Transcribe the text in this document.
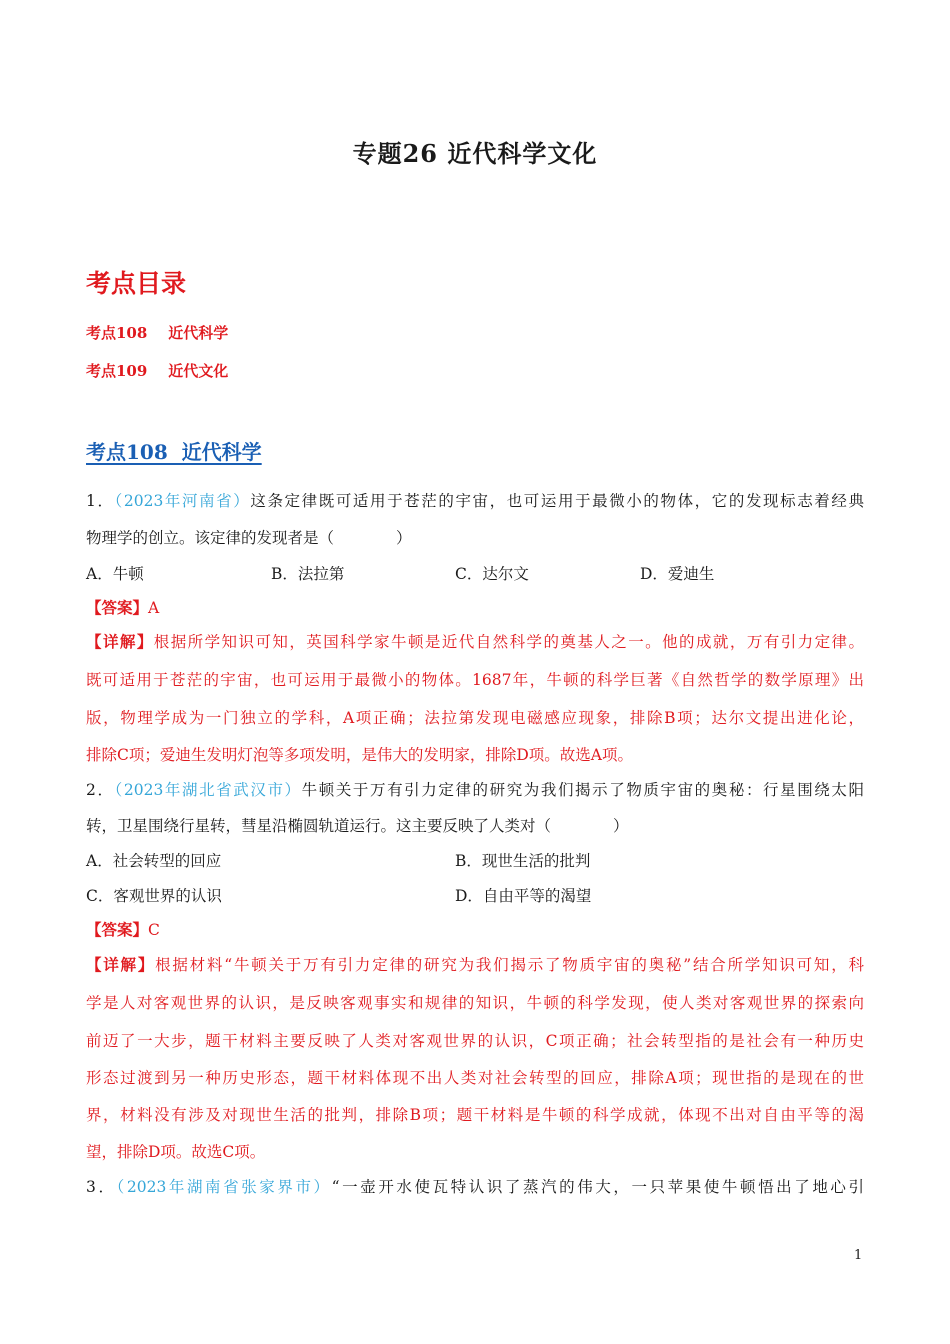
专题26 近代科学文化
考点目录
考点108    近代科学
考点109    近代文化
考点108  近代科学
1．（2023年河南省）这条定律既可适用于苍茫的宇宙，也可运用于最微小的物体，它的发现标志着经典
物理学的创立。该定律的发现者是（　　　　）
A．牛顿	B．法拉第	C．达尔文	D．爱迪生
【答案】A
【详解】根据所学知识可知，英国科学家牛顿是近代自然科学的奠基人之一。他的成就，万有引力定律。
既可适用于苍茫的宇宙，也可运用于最微小的物体。1687年，牛顿的科学巨著《自然哲学的数学原理》出
版，物理学成为一门独立的学科，A项正确；法拉第发现电磁感应现象，排除B项；达尔文提出进化论，
排除C项；爱迪生发明灯泡等多项发明，是伟大的发明家，排除D项。故选A项。
2．（2023年湖北省武汉市）牛顿关于万有引力定律的研究为我们揭示了物质宇宙的奥秘：行星围绕太阳
转，卫星围绕行星转，彗星沿椭圆轨道运行。这主要反映了人类对（　　　　）
A．社会转型的回应	B．现世生活的批判
C．客观世界的认识	D．自由平等的渴望
【答案】C
【详解】根据材料“牛顿关于万有引力定律的研究为我们揭示了物质宇宙的奥秘”结合所学知识可知，科
学是人对客观世界的认识，是反映客观事实和规律的知识，牛顿的科学发现，使人类对客观世界的探索向
前迈了一大步，题干材料主要反映了人类对客观世界的认识，C项正确；社会转型指的是社会有一种历史
形态过渡到另一种历史形态，题干材料体现不出人类对社会转型的回应，排除A项；现世指的是现在的世
界，材料没有涉及对现世生活的批判，排除B项；题干材料是牛顿的科学成就，体现不出对自由平等的渴
望，排除D项。故选C项。
3．（2023年湖南省张家界市）“一壶开水使瓦特认识了蒸汽的伟大，一只苹果使牛顿悟出了地心引
1
